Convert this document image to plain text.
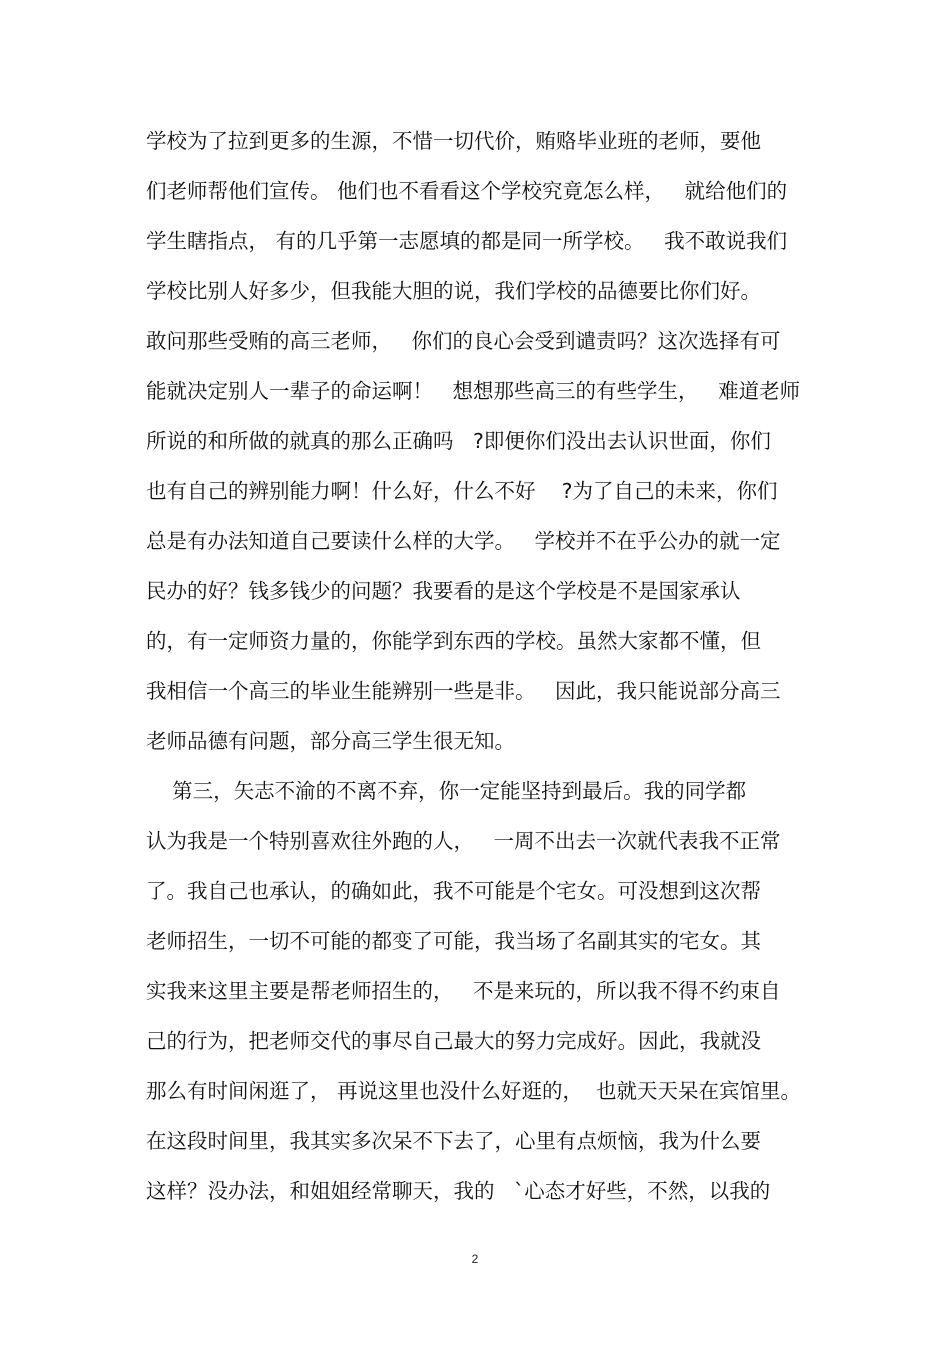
学校为了拉到更多的生源，不惜一切代价，贿赂毕业班的老师，要他
们老师帮他们宣传。 他们也不看看这个学校究竟怎么样，   就给他们的
学生瞎指点， 有的几乎第一志愿填的都是同一所学校。   我不敢说我们
学校比别人好多少，但我能大胆的说，我们学校的品德要比你们好。
敢问那些受贿的高三老师，   你们的良心会受到谴责吗？这次选择有可
能就决定别人一辈子的命运啊！   想想那些高三的有些学生，   难道老师
所说的和所做的就真的那么正确吗   ?即便你们没出去认识世面，你们
也有自己的辨别能力啊！什么好，什么不好    ?为了自己的未来，你们
总是有办法知道自己要读什么样的大学。   学校并不在乎公办的就一定
民办的好？钱多钱少的问题？我要看的是这个学校是不是国家承认
的，有一定师资力量的，你能学到东西的学校。虽然大家都不懂，但
我相信一个高三的毕业生能辨别一些是非。   因此，我只能说部分高三
老师品德有问题，部分高三学生很无知。
第三，矢志不渝的不离不弃，你一定能坚持到最后。我的同学都
认为我是一个特别喜欢往外跑的人，   一周不出去一次就代表我不正常
了。我自己也承认，的确如此，我不可能是个宅女。可没想到这次帮
老师招生，一切不可能的都变了可能，我当场了名副其实的宅女。其
实我来这里主要是帮老师招生的，   不是来玩的，所以我不得不约束自
己的行为，把老师交代的事尽自己最大的努力完成好。因此，我就没
那么有时间闲逛了， 再说这里也没什么好逛的，  也就天天呆在宾馆里。
在这段时间里，我其实多次呆不下去了，心里有点烦恼，我为什么要
这样？没办法，和姐姐经常聊天，我的   `心态才好些，不然，以我的
2
